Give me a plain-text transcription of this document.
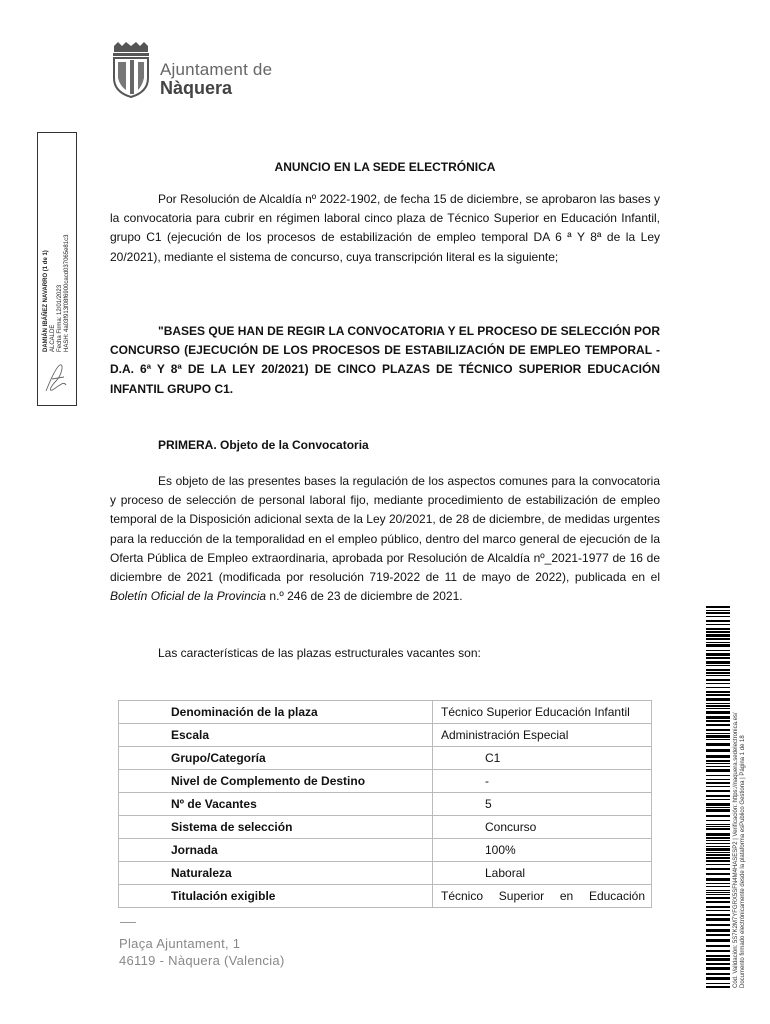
Ajuntament de
Nàquera
DAMIÁN IBÁÑEZ NAVARRO (1 de 1) ALCALDE Fecha Firma: 12/01/2023 HASH: 4a03f913f08f6900cacd037065e81c3
ANUNCIO EN LA SEDE ELECTRÓNICA
Por Resolución de Alcaldía nº 2022-1902, de fecha 15 de diciembre, se aprobaron las bases y la convocatoria para cubrir en régimen laboral cinco plaza de Técnico Superior en Educación Infantil, grupo C1 (ejecución de los procesos de estabilización de empleo temporal DA 6 ª Y 8ª de la Ley 20/2021), mediante el sistema de concurso, cuya transcripción literal es la siguiente;
"BASES QUE HAN DE REGIR LA CONVOCATORIA Y EL PROCESO DE SELECCIÓN POR CONCURSO (EJECUCIÓN DE LOS PROCESOS DE ESTABILIZACIÓN DE EMPLEO TEMPORAL -D.A. 6ª Y 8ª DE LA LEY 20/2021) DE CINCO PLAZAS DE TÉCNICO SUPERIOR EDUCACIÓN INFANTIL GRUPO C1.
PRIMERA. Objeto de la Convocatoria
Es objeto de las presentes bases la regulación de los aspectos comunes para la convocatoria y proceso de selección de personal laboral fijo, mediante procedimiento de estabilización de empleo temporal de la Disposición adicional sexta de la Ley 20/2021, de 28 de diciembre, de medidas urgentes para la reducción de la temporalidad en el empleo público, dentro del marco general de ejecución de la Oferta Pública de Empleo extraordinaria, aprobada por Resolución de Alcaldía nº_2021-1977 de 16 de diciembre de 2021 (modificada por resolución 719-2022 de 11 de mayo de 2022), publicada en el Boletín Oficial de la Provincia n.º 246 de 23 de diciembre de 2021.
Las características de las plazas estructurales vacantes son:
Denominación de la plaza	Técnico Superior Educación Infantil
Escala	Administración Especial
Grupo/Categoría	C1
Nivel de Complemento de Destino	-
Nº de Vacantes	5
Sistema de selección	Concurso
Jornada	100%
Naturaleza	Laboral
Titulación exigible	Técnico Superior en Educación
Plaça Ajuntament, 1
46119 - Nàquera (Valencia)	Cód. Validación: 5S7K2M7YFGRX5SFN4M4HASESP2 | Verificación: https://naquera.sedelectronica.es/ Documento firmado electrónicamente desde la plataforma esPublico Gestiona | Página 1 de 18
